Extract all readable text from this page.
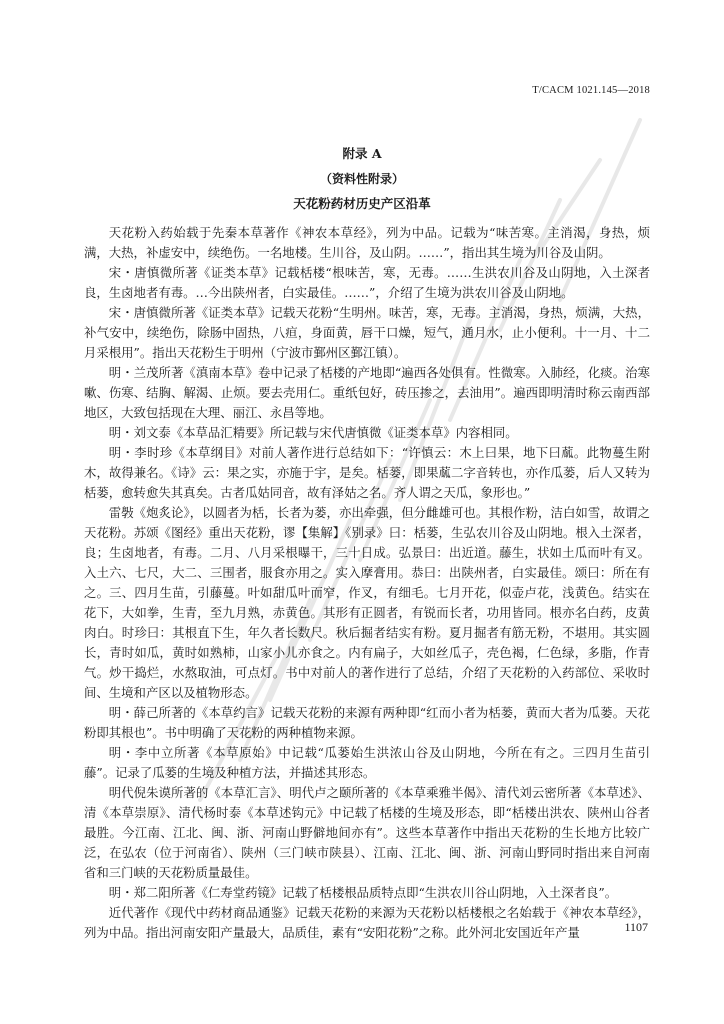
T/CACM 1021.145—2018
附录 A
（资料性附录）
天花粉药材历史产区沿革

天花粉入药始载于先秦本草著作《神农本草经》，列为中品。记载为“味苦寒。主消渴，身热，烦满，大热，补虚安中，续绝伤。一名地楼。生川谷，及山阴。……”，指出其生境为川谷及山阴。

宋・唐慎微所著《证类本草》记载栝楼“根味苦，寒，无毒。……生洪农川谷及山阴地，入土深者良，生卤地者有毒。…今出陕州者，白实最佳。……”，介绍了生境为洪农川谷及山阴地。

宋・唐慎微所著《证类本草》记载天花粉“生明州。味苦，寒，无毒。主消渴，身热，烦满，大热，补气安中，续绝伤，除肠中固热，八疸，身面黄，唇干口燥，短气，通月水，止小便利。十一月、十二月采根用”。指出天花粉生于明州（宁波市鄞州区鄞江镇）。

明・兰茂所著《滇南本草》卷中记录了栝楼的产地即“遍西各处俱有。性微寒。入肺经，化痰。治寒嗽、伤寒、结胸、解渴、止烦。要去壳用仁。重纸包好，砖压掺之，去油用”。遍西即明清时称云南西部地区，大致包括现在大理、丽江、永昌等地。

明・刘文泰《本草品汇精要》所记载与宋代唐慎微《证类本草》内容相同。

明・李时珍《本草纲目》对前人著作进行总结如下：“许慎云：木上曰果，地下曰蓏。此物蔓生附木，故得兼名。《诗》云：果之实，亦施于宇，是矣。栝蒌，即果蓏二字音转也，亦作瓜蒌，后人又转为栝蒌，愈转愈失其真矣。古者瓜姑同音，故有泽姑之名。齐人谓之天瓜，象形也。”

雷斅《炮炙论》，以圆者为栝，长者为蒌，亦出牵强，但分雌雄可也。其根作粉，洁白如雪，故谓之天花粉。苏颂《图经》重出天花粉，谬【集解】《别录》曰：栝蒌，生弘农川谷及山阴地。根入土深者，良；生卤地者，有毒。二月、八月采根曝干，三十日成。弘景曰：出近道。藤生，状如土瓜而叶有叉。入土六、七尺，大二、三围者，服食亦用之。实入摩膏用。恭曰：出陕州者，白实最佳。颂曰：所在有之。三、四月生苗，引藤蔓。叶如甜瓜叶而窄，作叉，有细毛。七月开花，似壶卢花，浅黄色。结实在花下，大如拳，生青，至九月熟，赤黄色。其形有正圆者，有锐而长者，功用皆同。根亦名白药，皮黄肉白。时珍曰：其根直下生，年久者长数尺。秋后掘者结实有粉。夏月掘者有筋无粉，不堪用。其实圆长，青时如瓜，黄时如熟柿，山家小儿亦食之。内有扁子，大如丝瓜子，壳色褐，仁色绿，多脂，作青气。炒干捣烂，水熬取油，可点灯。书中对前人的著作进行了总结，介绍了天花粉的入药部位、采收时间、生境和产区以及植物形态。

明・薛己所著的《本草约言》记载天花粉的来源有两种即“红而小者为栝蒌，黄而大者为瓜蒌。天花粉即其根也”。书中明确了天花粉的两种植物来源。

明・李中立所著《本草原始》中记载“瓜蒌始生洪浓山谷及山阴地，今所在有之。三四月生苗引藤”。记录了瓜蒌的生境及种植方法，并描述其形态。

明代倪朱谟所著的《本草汇言》、明代卢之颐所著的《本草乘雅半偈》、清代刘云密所著《本草述》、清《本草崇原》、清代杨时泰《本草述钩元》中记载了栝楼的生境及形态，即“栝楼出洪农、陕州山谷者最胜。今江南、江北、闽、浙、河南山野僻地间亦有”。这些本草著作中指出天花粉的生长地方比较广泛，在弘农（位于河南省）、陕州（三门峡市陕县）、江南、江北、闽、浙、河南山野同时指出来自河南省和三门峡的天花粉质量最佳。

明・郑二阳所著《仁寿堂药镜》记载了栝楼根品质特点即“生洪农川谷山阴地，入土深者良”。

近代著作《现代中药材商品通鉴》记载天花粉的来源为天花粉以栝楼根之名始载于《神农本草经》，列为中品。指出河南安阳产量最大，品质佳，素有“安阳花粉”之称。此外河北安国近年产量	1107
